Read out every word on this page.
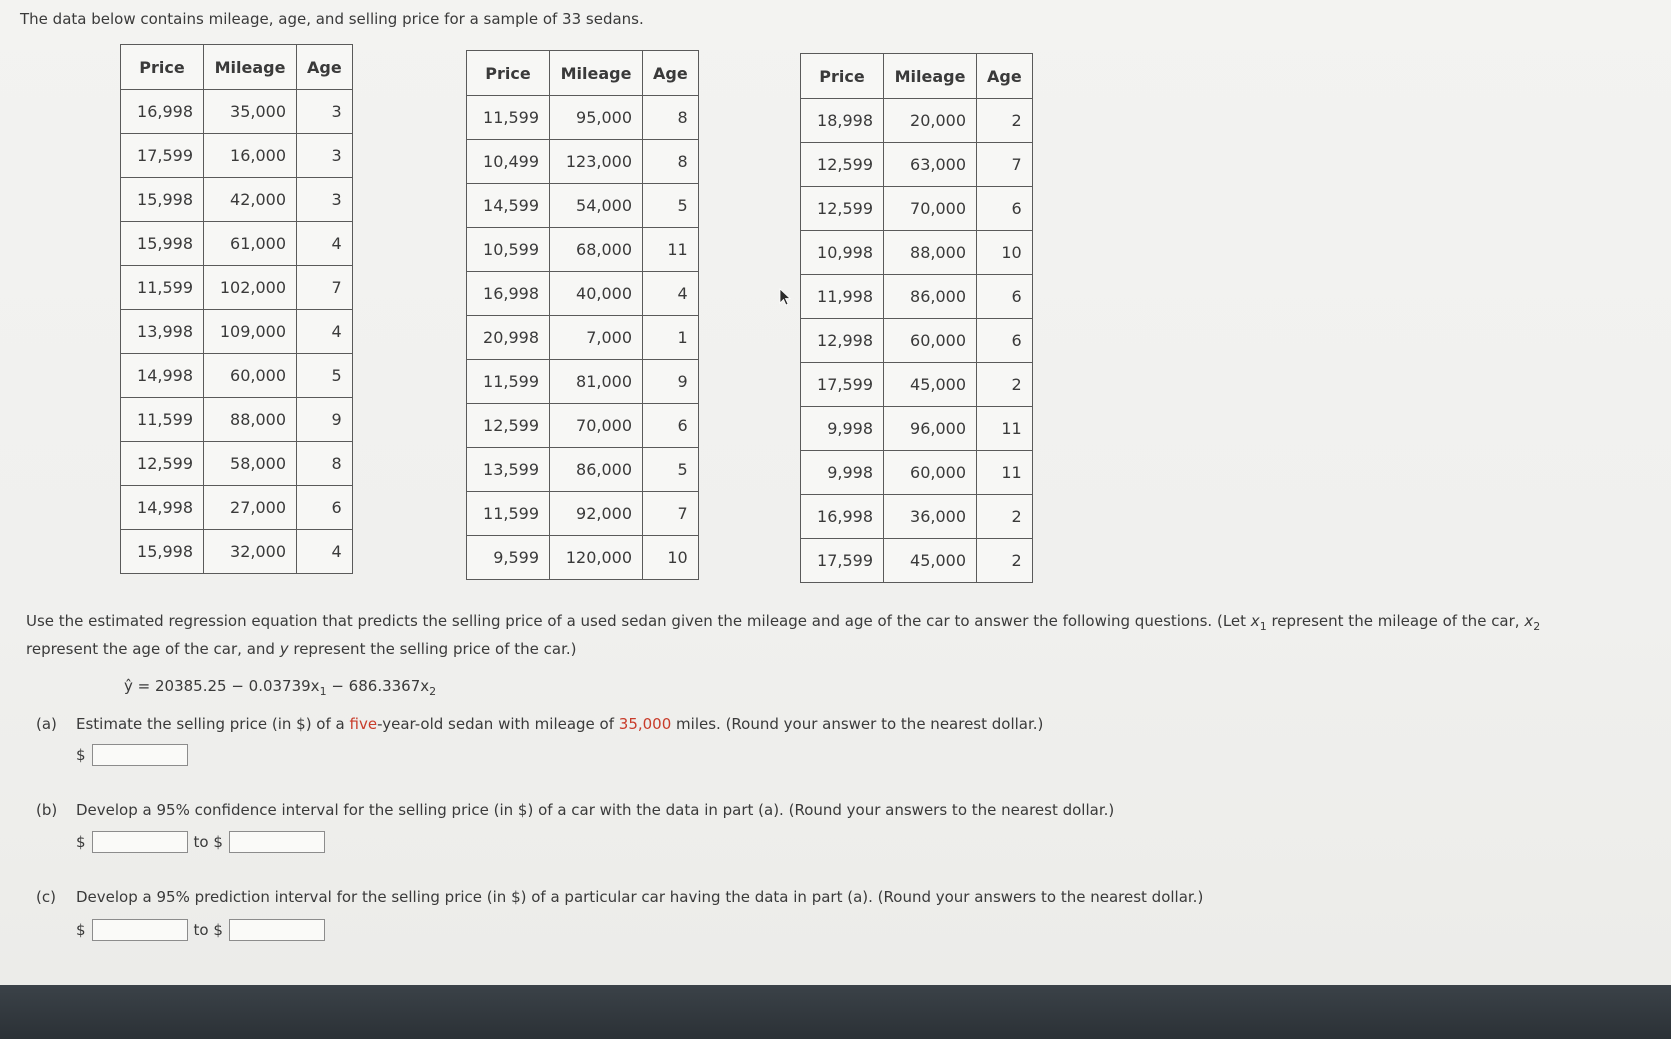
The data below contains mileage, age, and selling price for a sample of 33 sedans.
Price	Mileage	Age
16,998	35,000	3
17,599	16,000	3
15,998	42,000	3
15,998	61,000	4
11,599	102,000	7
13,998	109,000	4
14,998	60,000	5
11,599	88,000	9
12,599	58,000	8
14,998	27,000	6
15,998	32,000	4
Price	Mileage	Age
11,599	95,000	8
10,499	123,000	8
14,599	54,000	5
10,599	68,000	11
16,998	40,000	4
20,998	7,000	1
11,599	81,000	9
12,599	70,000	6
13,599	86,000	5
11,599	92,000	7
9,599	120,000	10
Price	Mileage	Age
18,998	20,000	2
12,599	63,000	7
12,599	70,000	6
10,998	88,000	10
11,998	86,000	6
12,998	60,000	6
17,599	45,000	2
9,998	96,000	11
9,998	60,000	11
16,998	36,000	2
17,599	45,000	2
Use the estimated regression equation that predicts the selling price of a used sedan given the mileage and age of the car to answer the following questions. (Let $x_1$ represent the mileage of the car, $x_2$ represent the age of the car, and y represent the selling price of the car.)
ŷ = $20385.25 - 0.03739x_1 - 686.3367x_2$
(a) Estimate the selling price (in $) of a five-year-old sedan with mileage of 35,000 miles. (Round your answer to the nearest dollar.)
$
(b) Develop a 95% confidence interval for the selling price (in $) of a car with the data in part (a). (Round your answers to the nearest dollar.)
$	to $
(c) Develop a 95% prediction interval for the selling price (in $) of a particular car having the data in part (a). (Round your answers to the nearest dollar.)
$	to $
